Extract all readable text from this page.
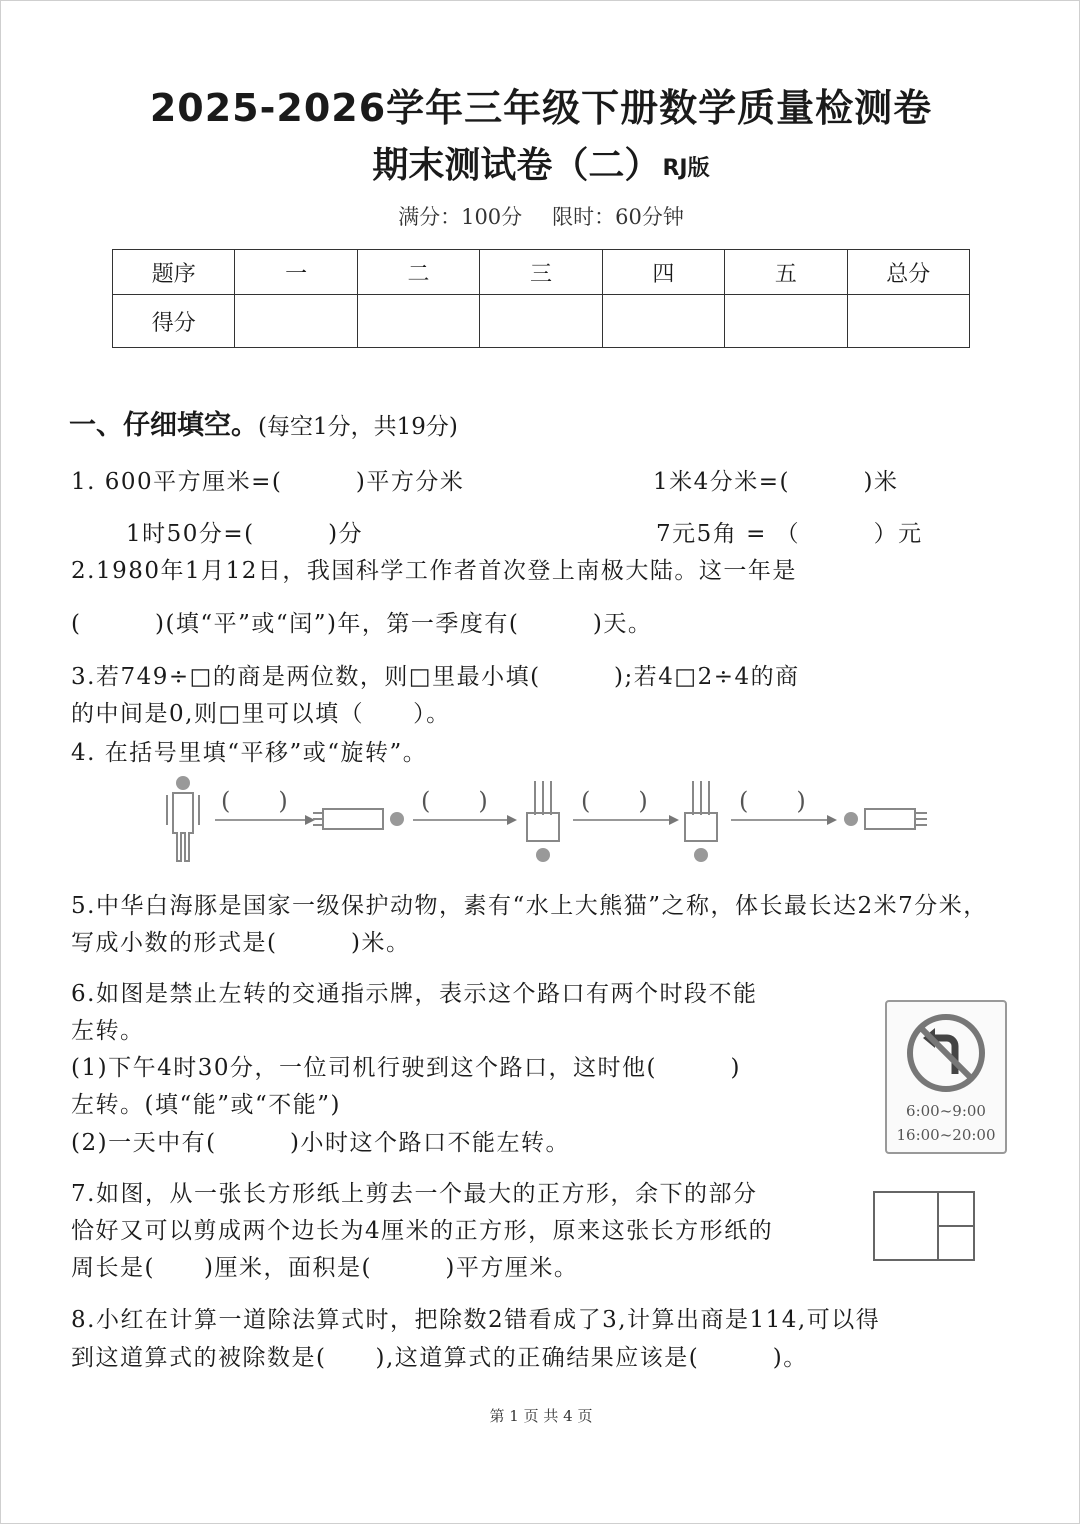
2025-2026学年三年级下册数学质量检测卷
期末测试卷（二）RJ版
满分：100分 限时：60分钟
题序	一	二	三	四	五	总分
得分						
一、仔细填空。(每空1分，共19分)
1. 600平方厘米=(　　　)平方分米	1米4分米=(　　　)米
1时50分=(　　　)分	7元5角 = （　　　）元
2.1980年1月12日，我国科学工作者首次登上南极大陆。这一年是
(　　　)(填“平”或“闰”)年，第一季度有(　　　)天。
3.若749÷□的商是两位数，则□里最小填(　　　);若4□2÷4的商
的中间是0,则□里可以填（　　）。
4. 在括号里填“平移”或“旋转”。
(　　)	(　　)	(　　)	(　　)
5.中华白海豚是国家一级保护动物，素有“水上大熊猫”之称，体长最长达2米7分米，
写成小数的形式是(　　　)米。
6.如图是禁止左转的交通指示牌，表示这个路口有两个时段不能
左转。
(1)下午4时30分，一位司机行驶到这个路口，这时他(　　　)
左转。(填“能”或“不能”)
(2)一天中有(　　　)小时这个路口不能左转。
6:00~9:00
16:00~20:00
7.如图，从一张长方形纸上剪去一个最大的正方形，余下的部分
恰好又可以剪成两个边长为4厘米的正方形，原来这张长方形纸的
周长是(　　)厘米，面积是(　　　)平方厘米。
8.小红在计算一道除法算式时，把除数2错看成了3,计算出商是114,可以得
到这道算式的被除数是(　　),这道算式的正确结果应该是(　　　)。
第 1 页 共 4 页
